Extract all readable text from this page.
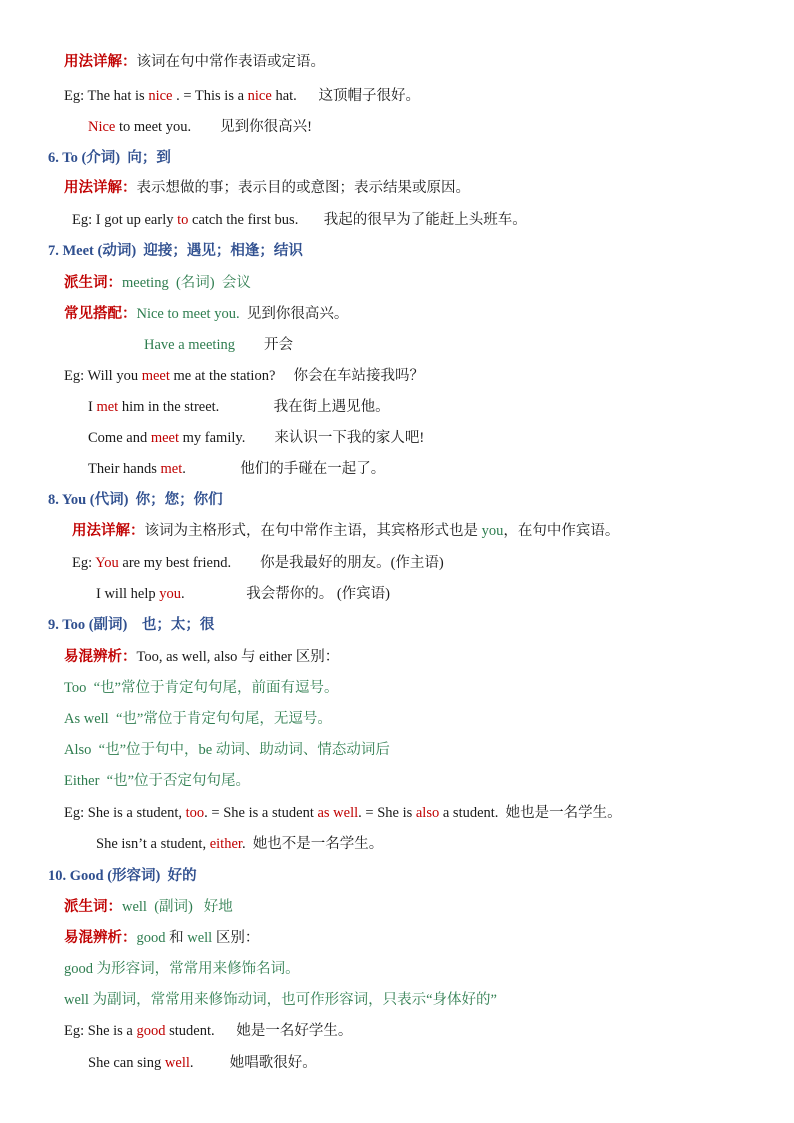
用法详解：该词在句中常作表语或定语。
Eg: The hat is nice . = This is a nice hat.      这顶帽子很好。
Nice to meet you.        见到你很高兴!
6. To (介词)  向；到
用法详解：表示想做的事；表示目的或意图；表示结果或原因。
Eg: I got up early to catch the first bus.       我起的很早为了能赶上头班车。
7. Meet (动词)  迎接；遇见；相逢；结识
派生词：meeting  (名词)  会议
常见搭配：Nice to meet you.  见到你很高兴。
Have a meeting        开会
Eg: Will you meet me at the station?     你会在车站接我吗？
I met him in the street.               我在街上遇见他。
Come and meet my family.        来认识一下我的家人吧!
Their hands met.               他们的手碰在一起了。
8. You (代词)  你；您；你们
用法详解：该词为主格形式，在句中常作主语，其宾格形式也是 you，在句中作宾语。
Eg: You are my best friend.        你是我最好的朋友。(作主语)
I will help you.                 我会帮你的。 (作宾语)
9. Too (副词)    也；太；很
易混辨析：Too, as well, also 与 either 区别：
Too  “也”常位于肯定句句尾，前面有逗号。
As well  “也”常位于肯定句句尾，无逗号。
Also  “也”位于句中，be 动词、助动词、情态动词后
Either  “也”位于否定句句尾。
Eg: She is a student, too. = She is a student as well. = She is also a student.  她也是一名学生。
She isn’t a student, either.  她也不是一名学生。
10. Good (形容词)  好的
派生词：well  (副词)   好地
易混辨析：good 和 well 区别：
good 为形容词，常常用来修饰名词。
well 为副词，常常用来修饰动词，也可作形容词，只表示“身体好的”
Eg: She is a good student.      她是一名好学生。
She can sing well.          她唱歌很好。
